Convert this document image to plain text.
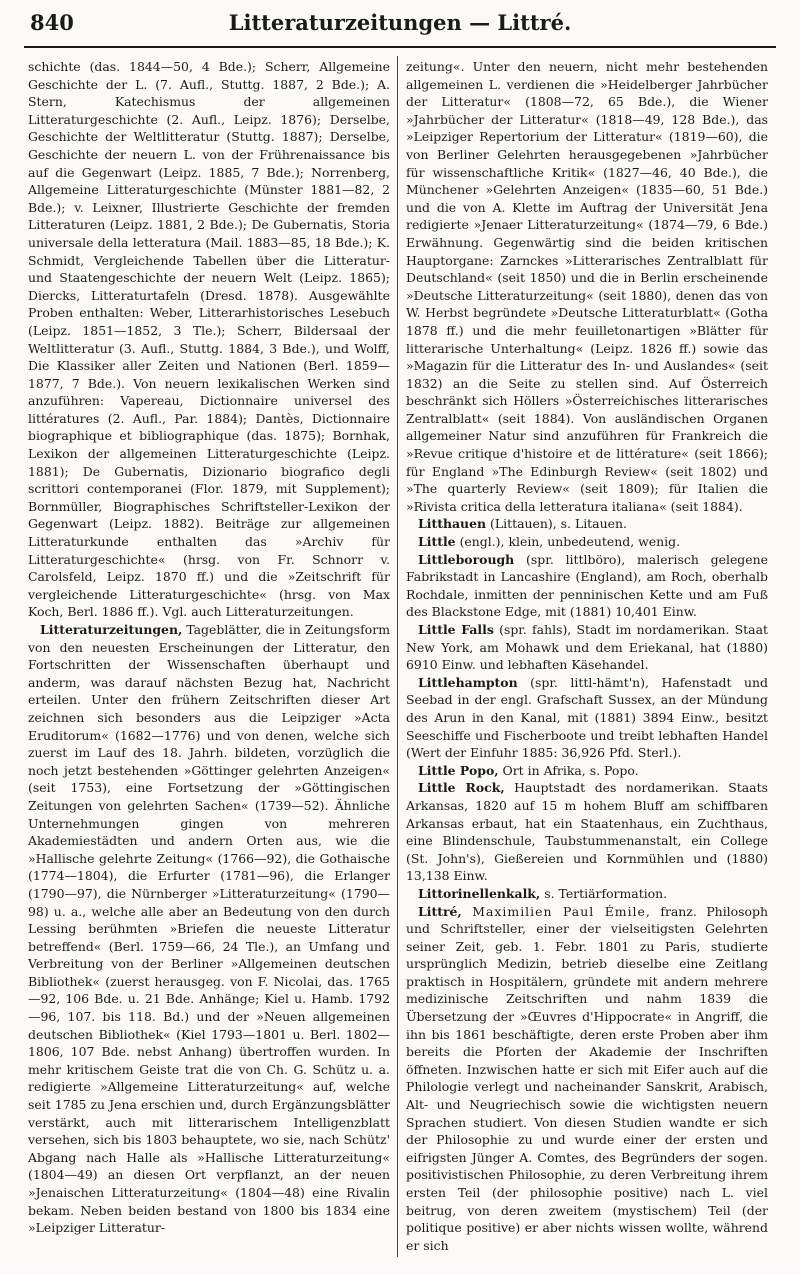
840	Litteraturzeitungen — Littré.

schichte (das. 1844—50, 4 Bde.); Scherr, Allgemeine Geschichte der L. (7. Aufl., Stuttg. 1887, 2 Bde.); A. Stern, Katechismus der allgemeinen Litteraturgeschichte (2. Aufl., Leipz. 1876); Derselbe, Geschichte der Weltlitteratur (Stuttg. 1887); Derselbe, Geschichte der neuern L. von der Frührenaissance bis auf die Gegenwart (Leipz. 1885, 7 Bde.); Norrenberg, Allgemeine Litteraturgeschichte (Münster 1881—82, 2 Bde.); v. Leixner, Illustrierte Geschichte der fremden Litteraturen (Leipz. 1881, 2 Bde.); De Gubernatis, Storia universale della letteratura (Mail. 1883—85, 18 Bde.); K. Schmidt, Vergleichende Tabellen über die Litteratur- und Staatengeschichte der neuern Welt (Leipz. 1865); Diercks, Litteraturtafeln (Dresd. 1878). Ausgewählte Proben enthalten: Weber, Litterarhistorisches Lesebuch (Leipz. 1851—1852, 3 Tle.); Scherr, Bildersaal der Weltlitteratur (3. Aufl., Stuttg. 1884, 3 Bde.), und Wolff, Die Klassiker aller Zeiten und Nationen (Berl. 1859—1877, 7 Bde.). Von neuern lexikalischen Werken sind anzuführen: Vapereau, Dictionnaire universel des littératures (2. Aufl., Par. 1884); Dantès, Dictionnaire biographique et bibliographique (das. 1875); Bornhak, Lexikon der allgemeinen Litteraturgeschichte (Leipz. 1881); De Gubernatis, Dizionario biografico degli scrittori contemporanei (Flor. 1879, mit Supplement); Bornmüller, Biographisches Schriftsteller-Lexikon der Gegenwart (Leipz. 1882). Beiträge zur allgemeinen Litteraturkunde enthalten das »Archiv für Litteraturgeschichte« (hrsg. von Fr. Schnorr v. Carolsfeld, Leipz. 1870 ff.) und die »Zeitschrift für vergleichende Litteraturgeschichte« (hrsg. von Max Koch, Berl. 1886 ff.). Vgl. auch Litteraturzeitungen.

Litteraturzeitungen, Tageblätter, die in Zeitungsform von den neuesten Erscheinungen der Litteratur, den Fortschritten der Wissenschaften überhaupt und anderm, was darauf nächsten Bezug hat, Nachricht erteilen. Unter den frühern Zeitschriften dieser Art zeichnen sich besonders aus die Leipziger »Acta Eruditorum« (1682—1776) und von denen, welche sich zuerst im Lauf des 18. Jahrh. bildeten, vorzüglich die noch jetzt bestehenden »Göttinger gelehrten Anzeigen« (seit 1753), eine Fortsetzung der »Göttingischen Zeitungen von gelehrten Sachen« (1739—52). Ähnliche Unternehmungen gingen von mehreren Akademiestädten und andern Orten aus, wie die »Hallische gelehrte Zeitung« (1766—92), die Gothaische (1774—1804), die Erfurter (1781—96), die Erlanger (1790—97), die Nürnberger »Litteraturzeitung« (1790—98) u. a., welche alle aber an Bedeutung von den durch Lessing berühmten »Briefen die neueste Litteratur betreffend« (Berl. 1759—66, 24 Tle.), an Umfang und Verbreitung von der Berliner »Allgemeinen deutschen Bibliothek« (zuerst herausgeg. von F. Nicolai, das. 1765—92, 106 Bde. u. 21 Bde. Anhänge; Kiel u. Hamb. 1792—96, 107. bis 118. Bd.) und der »Neuen allgemeinen deutschen Bibliothek« (Kiel 1793—1801 u. Berl. 1802—1806, 107 Bde. nebst Anhang) übertroffen wurden. In mehr kritischem Geiste trat die von Ch. G. Schütz u. a. redigierte »Allgemeine Litteraturzeitung« auf, welche seit 1785 zu Jena erschien und, durch Ergänzungsblätter verstärkt, auch mit litterarischem Intelligenzblatt versehen, sich bis 1803 behauptete, wo sie, nach Schütz' Abgang nach Halle als »Hallische Litteraturzeitung« (1804—49) an diesen Ort verpflanzt, an der neuen »Jenaischen Litteraturzeitung« (1804—48) eine Rivalin bekam. Neben beiden bestand von 1800 bis 1834 eine »Leipziger Litteratur-

zeitung«. Unter den neuern, nicht mehr bestehenden allgemeinen L. verdienen die »Heidelberger Jahrbücher der Litteratur« (1808—72, 65 Bde.), die Wiener »Jahrbücher der Litteratur« (1818—49, 128 Bde.), das »Leipziger Repertorium der Litteratur« (1819—60), die von Berliner Gelehrten herausgegebenen »Jahrbücher für wissenschaftliche Kritik« (1827—46, 40 Bde.), die Münchener »Gelehrten Anzeigen« (1835—60, 51 Bde.) und die von A. Klette im Auftrag der Universität Jena redigierte »Jenaer Litteraturzeitung« (1874—79, 6 Bde.) Erwähnung. Gegenwärtig sind die beiden kritischen Hauptorgane: Zarnckes »Litterarisches Zentralblatt für Deutschland« (seit 1850) und die in Berlin erscheinende »Deutsche Litteraturzeitung« (seit 1880), denen das von W. Herbst begründete »Deutsche Litteraturblatt« (Gotha 1878 ff.) und die mehr feuilletonartigen »Blätter für litterarische Unterhaltung« (Leipz. 1826 ff.) sowie das »Magazin für die Litteratur des In- und Auslandes« (seit 1832) an die Seite zu stellen sind. Auf Österreich beschränkt sich Höllers »Österreichisches litterarisches Zentralblatt« (seit 1884). Von ausländischen Organen allgemeiner Natur sind anzuführen für Frankreich die »Revue critique d'histoire et de littérature« (seit 1866); für England »The Edinburgh Review« (seit 1802) und »The quarterly Review« (seit 1809); für Italien die »Rivista critica della letteratura italiana« (seit 1884).

Litthauen (Littauen), s. Litauen.

Little (engl.), klein, unbedeutend, wenig.

Littleborough (spr. littlböro), malerisch gelegene Fabrikstadt in Lancashire (England), am Roch, oberhalb Rochdale, inmitten der penninischen Kette und am Fuß des Blackstone Edge, mit (1881) 10,401 Einw.

Little Falls (spr. fahls), Stadt im nordamerikan. Staat New York, am Mohawk und dem Eriekanal, hat (1880) 6910 Einw. und lebhaften Käsehandel.

Littlehampton (spr. littl-hämt'n), Hafenstadt und Seebad in der engl. Grafschaft Sussex, an der Mündung des Arun in den Kanal, mit (1881) 3894 Einw., besitzt Seeschiffe und Fischerboote und treibt lebhaften Handel (Wert der Einfuhr 1885: 36,926 Pfd. Sterl.).

Little Popo, Ort in Afrika, s. Popo.

Little Rock, Hauptstadt des nordamerikan. Staats Arkansas, 1820 auf 15 m hohem Bluff am schiffbaren Arkansas erbaut, hat ein Staatenhaus, ein Zuchthaus, eine Blindenschule, Taubstummenanstalt, ein College (St. John's), Gießereien und Kornmühlen und (1880) 13,138 Einw.

Littorinellenkalk, s. Tertiärformation.

Littré, Maximilien Paul Émile, franz. Philosoph und Schriftsteller, einer der vielseitigsten Gelehrten seiner Zeit, geb. 1. Febr. 1801 zu Paris, studierte ursprünglich Medizin, betrieb dieselbe eine Zeitlang praktisch in Hospitälern, gründete mit andern mehrere medizinische Zeitschriften und nahm 1839 die Übersetzung der »Œuvres d'Hippocrate« in Angriff, die ihn bis 1861 beschäftigte, deren erste Proben aber ihm bereits die Pforten der Akademie der Inschriften öffneten. Inzwischen hatte er sich mit Eifer auch auf die Philologie verlegt und nacheinander Sanskrit, Arabisch, Alt- und Neugriechisch sowie die wichtigsten neuern Sprachen studiert. Von diesen Studien wandte er sich der Philosophie zu und wurde einer der ersten und eifrigsten Jünger A. Comtes, des Begründers der sogen. positivistischen Philosophie, zu deren Verbreitung ihrem ersten Teil (der philosophie positive) nach L. viel beitrug, von deren zweitem (mystischem) Teil (der politique positive) er aber nichts wissen wollte, während er sich
